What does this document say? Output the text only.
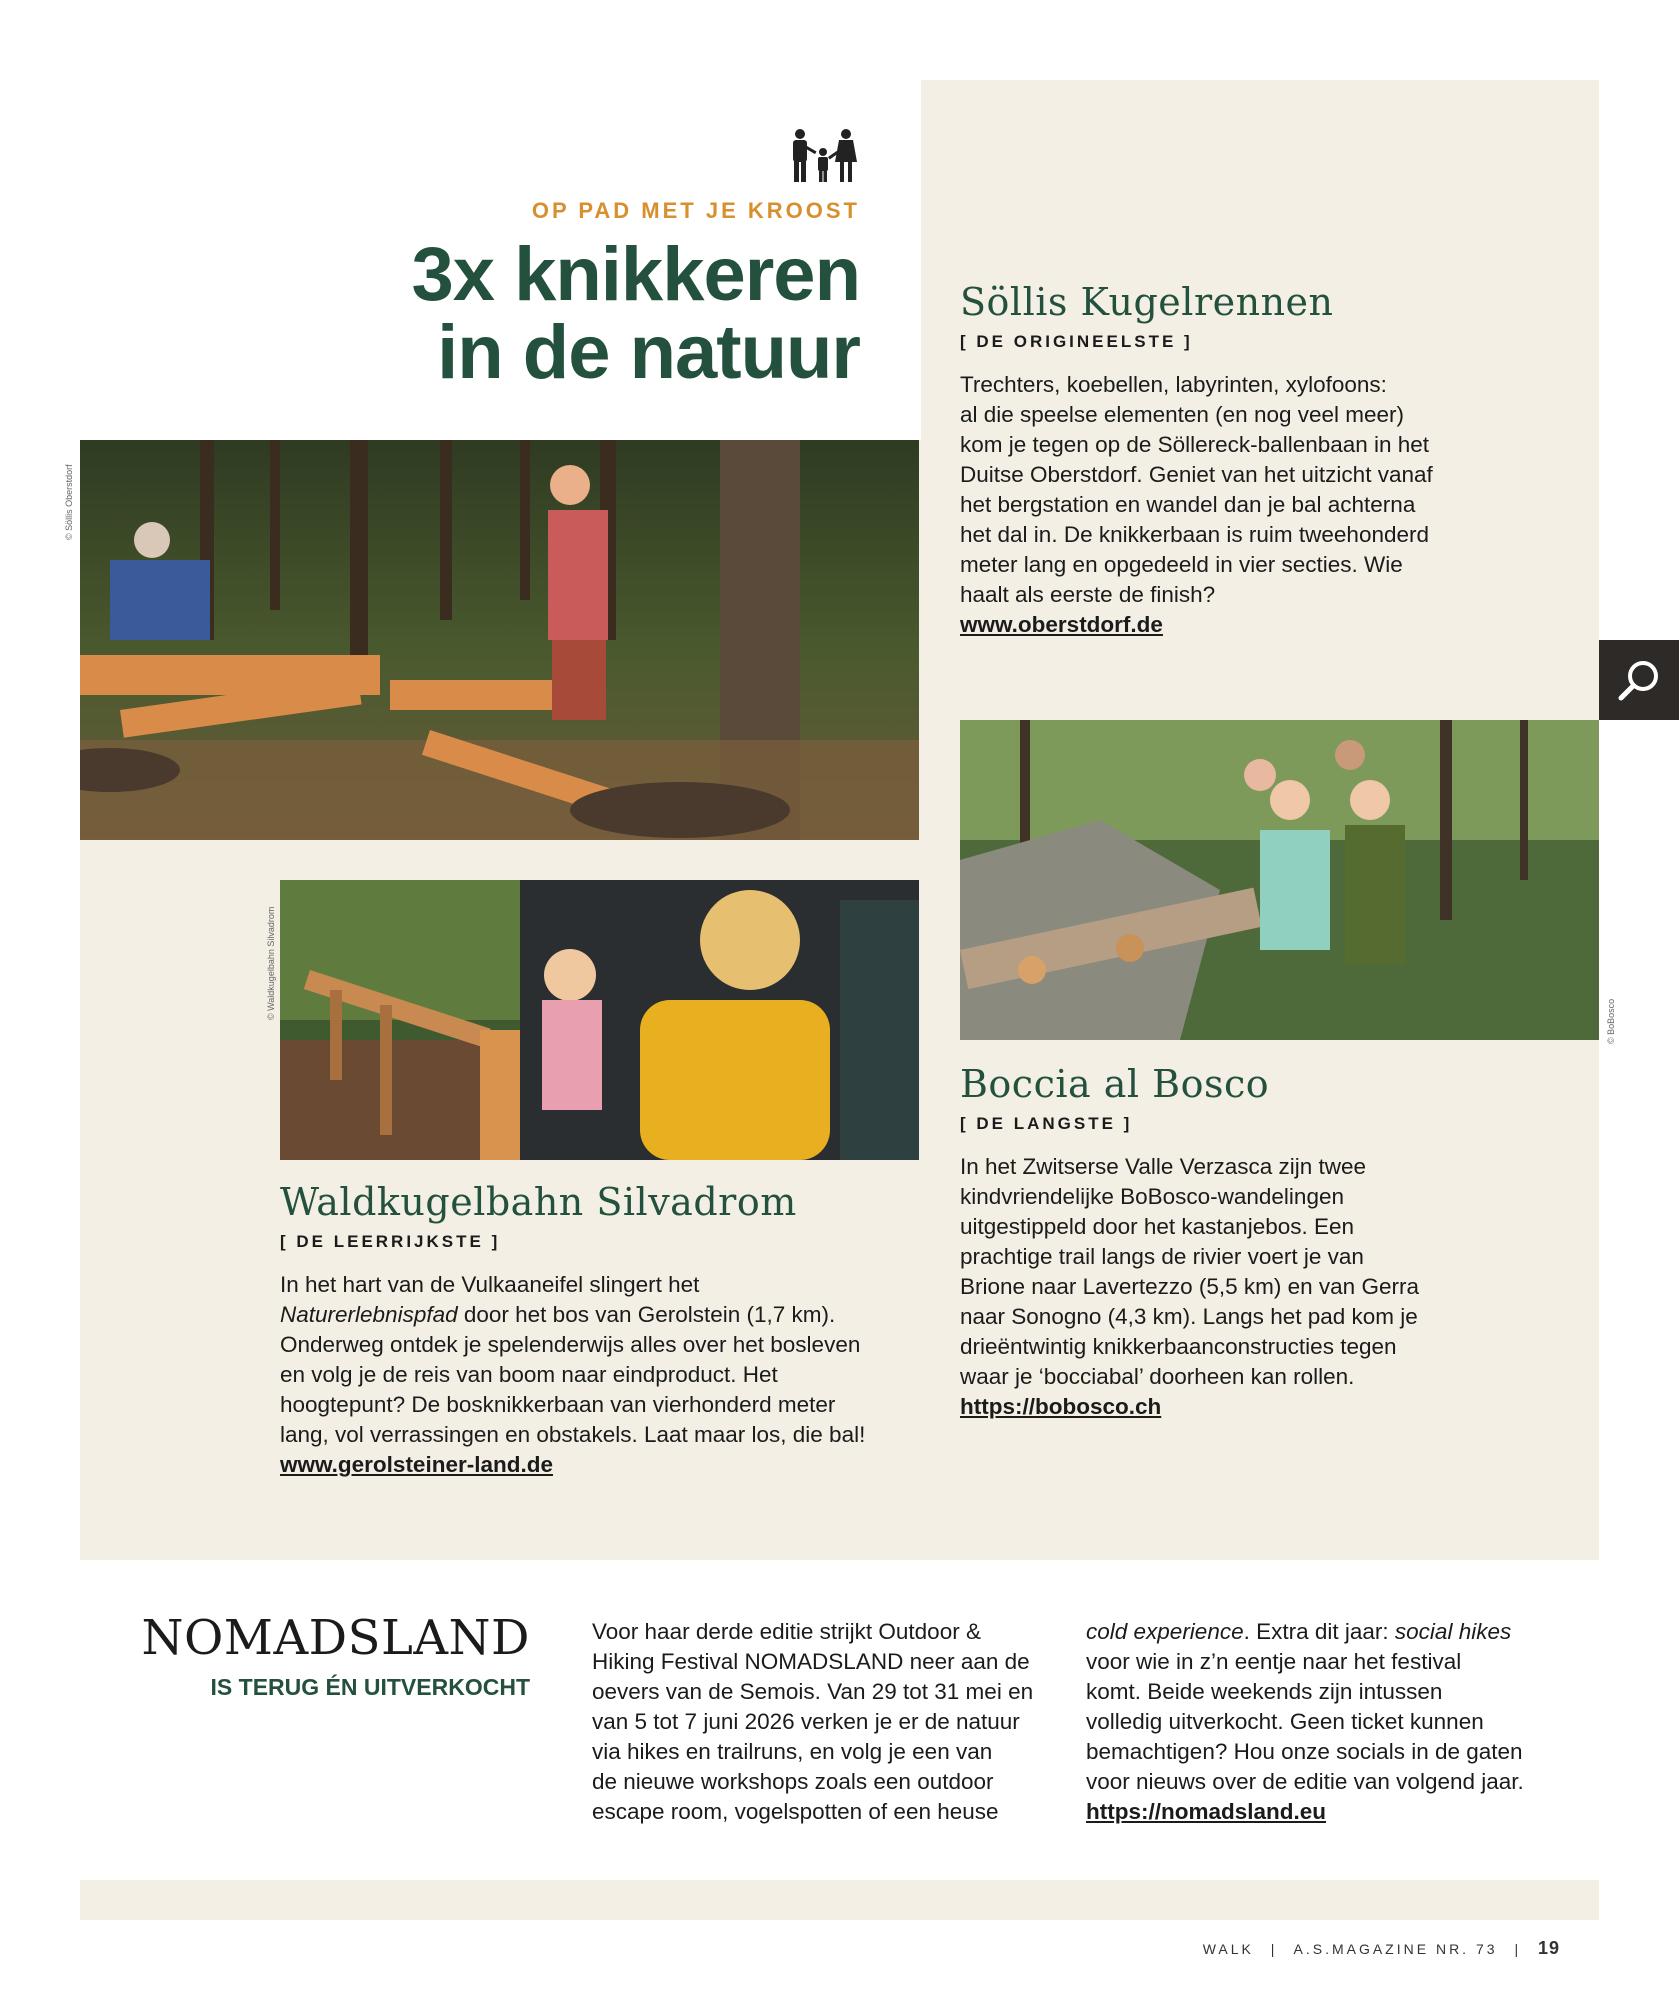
OP PAD MET JE KROOST
3x knikkeren
in de natuur
© Söllis Oberstdorf
Söllis Kugelrennen
[ DE ORIGINEELSTE ]
Trechters, koebellen, labyrinten, xylofoons:
al die speelse elementen (en nog veel meer)
kom je tegen op de Söllereck-ballenbaan in het
Duitse Oberstdorf. Geniet van het uitzicht vanaf
het bergstation en wandel dan je bal achterna
het dal in. De knikkerbaan is ruim tweehonderd
meter lang en opgedeeld in vier secties. Wie
haalt als eerste de finish?
www.oberstdorf.de
© BoBosco
Boccia al Bosco
[ DE LANGSTE ]
In het Zwitserse Valle Verzasca zijn twee
kindvriendelijke BoBosco-wandelingen
uitgestippeld door het kastanjebos. Een
prachtige trail langs de rivier voert je van
Brione naar Lavertezzo (5,5 km) en van Gerra
naar Sonogno (4,3 km). Langs het pad kom je
drieëntwintig knikkerbaanconstructies tegen
waar je ‘bocciabal’ doorheen kan rollen.
https://bobosco.ch
© Waldkugelbahn Silvadrom
Waldkugelbahn Silvadrom
[ DE LEERRIJKSTE ]
In het hart van de Vulkaaneifel slingert het
Naturerlebnispfad door het bos van Gerolstein (1,7 km).
Onderweg ontdek je spelenderwijs alles over het bosleven
en volg je de reis van boom naar eindproduct. Het
hoogtepunt? De bosknikkerbaan van vierhonderd meter
lang, vol verrassingen en obstakels. Laat maar los, die bal!
www.gerolsteiner-land.de
NOMADSLAND
IS TERUG ÉN UITVERKOCHT
Voor haar derde editie strijkt Outdoor &
Hiking Festival NOMADSLAND neer aan de
oevers van de Semois. Van 29 tot 31 mei en
van 5 tot 7 juni 2026 verken je er de natuur
via hikes en trailruns, en volg je een van
de nieuwe workshops zoals een outdoor
escape room, vogelspotten of een heuse
cold experience. Extra dit jaar: social hikes
voor wie in z’n eentje naar het festival
komt. Beide weekends zijn intussen
volledig uitverkocht. Geen ticket kunnen
bemachtigen? Hou onze socials in de gaten
voor nieuws over de editie van volgend jaar.
https://nomadsland.eu
WALK | A.S.MAGAZINE NR. 73 | 19
